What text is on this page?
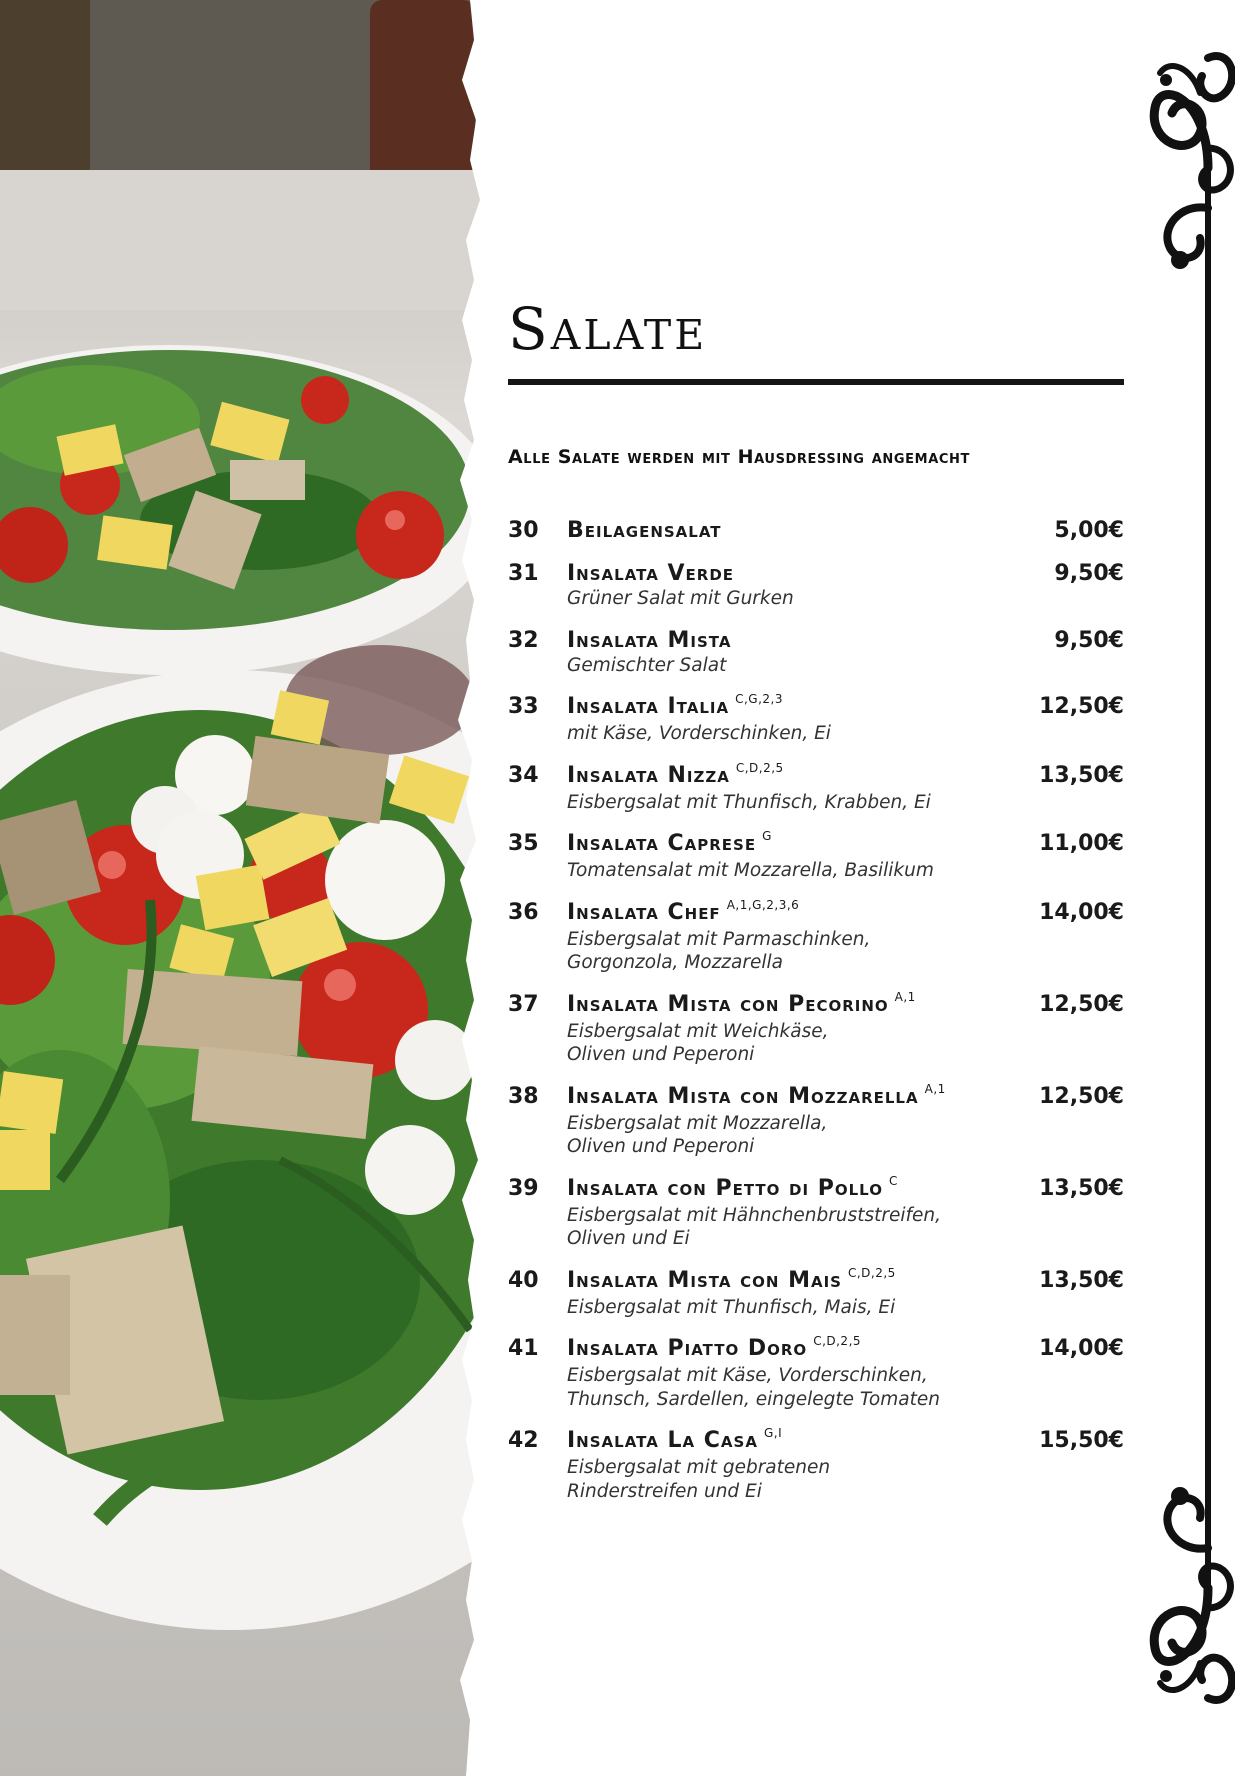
Salate
Alle Salate werden mit Hausdressing angemacht
30	Beilagensalat	5,00€
31	Insalata Verde	9,50€
Grüner Salat mit Gurken
32	Insalata Mista	9,50€
Gemischter Salat
33	Insalata Italia $^{C,G,2,3}$	12,50€
mit Käse, Vorderschinken, Ei
34	Insalata Nizza $^{C,D,2,5}$	13,50€
Eisbergsalat mit Thunfisch, Krabben, Ei
35	Insalata Caprese $^G$	11,00€
Tomatensalat mit Mozzarella, Basilikum
36	Insalata Chef $^{A,1,G,2,3,6}$	14,00€
Eisbergsalat mit Parmaschinken,
Gorgonzola, Mozzarella
37	Insalata Mista con Pecorino $^{A,1}$	12,50€
Eisbergsalat mit Weichkäse,
Oliven und Peperoni
38	Insalata Mista con Mozzarella $^{A,1}$	12,50€
Eisbergsalat mit Mozzarella,
Oliven und Peperoni
39	Insalata con Petto di Pollo $^C$	13,50€
Eisbergsalat mit Hähnchenbruststreifen,
Oliven und Ei
40	Insalata Mista con Mais $^{C,D,2,5}$	13,50€
Eisbergsalat mit Thunfisch, Mais, Ei
41	Insalata Piatto Doro $^{C,D,2,5}$	14,00€
Eisbergsalat mit Käse, Vorderschinken,
Thunsch, Sardellen, eingelegte Tomaten
42	Insalata La Casa $^{G,I}$	15,50€
Eisbergsalat mit gebratenen
Rinderstreifen und Ei
